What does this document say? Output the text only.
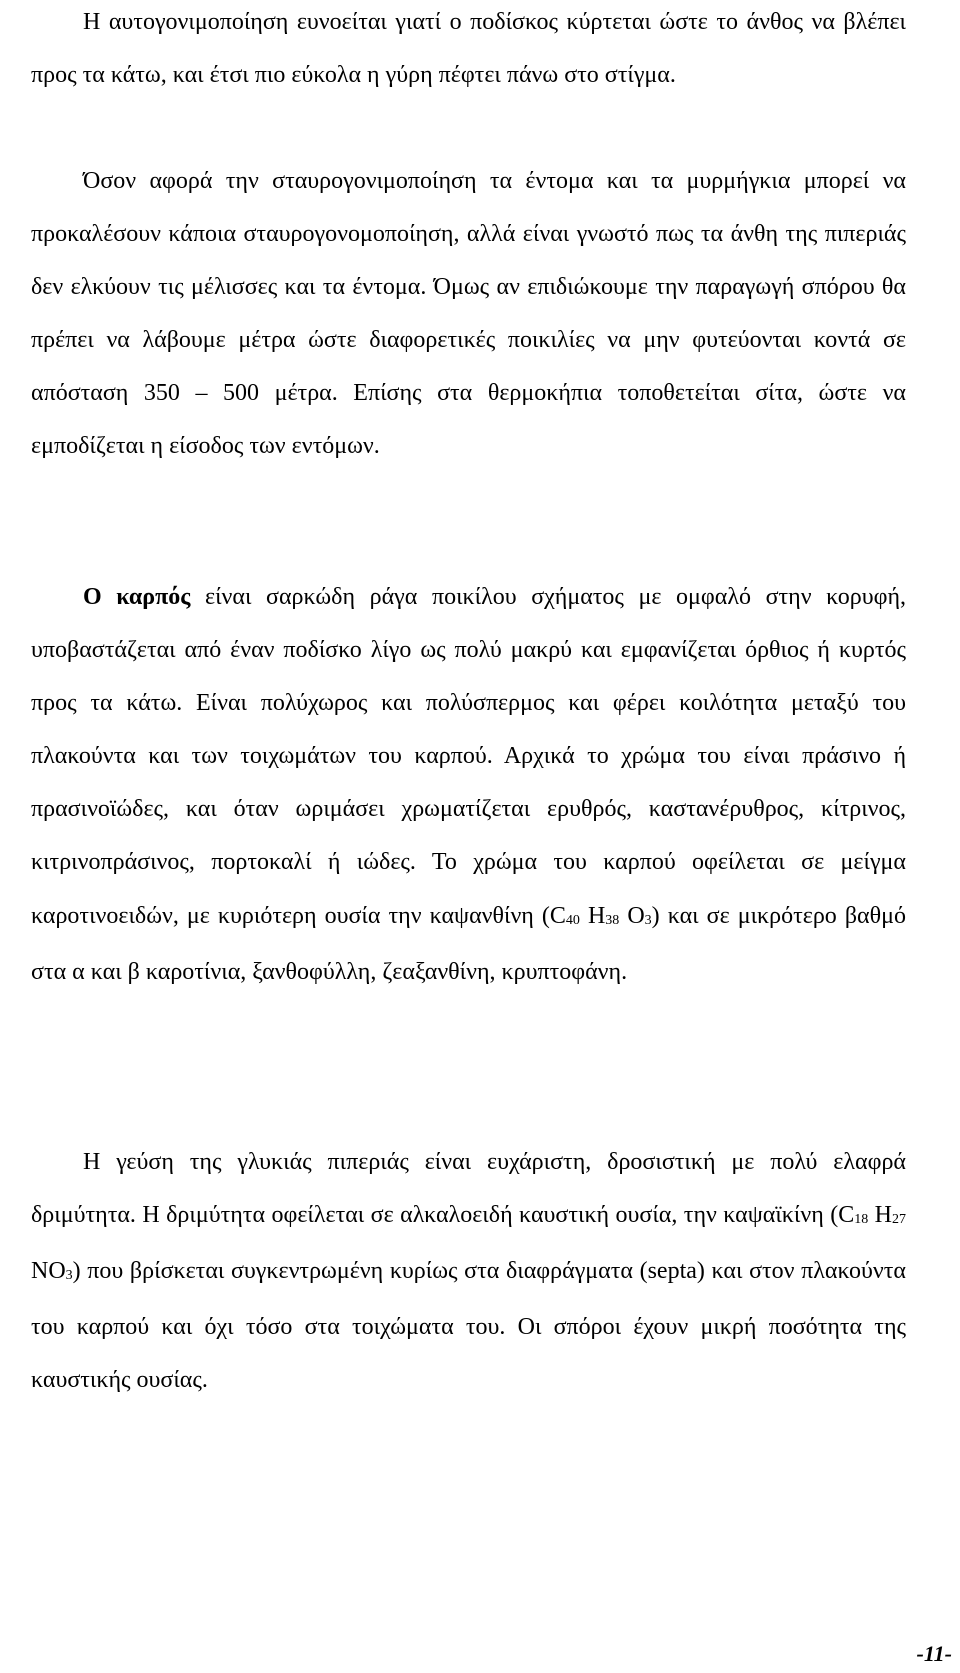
Η αυτογονιμοποίηση ευνοείται γιατί ο ποδίσκος κύρτεται ώστε το άνθος να βλέπει προς τα κάτω, και έτσι πιο εύκολα η γύρη πέφτει πάνω στο στίγμα.

Όσον αφορά την σταυρογονιμοποίηση τα έντομα και τα μυρμήγκια μπορεί να προκαλέσουν κάποια σταυρογονομοποίηση, αλλά είναι γνωστό πως τα άνθη της πιπεριάς δεν ελκύουν τις μέλισσες και τα έντομα. Όμως αν επιδιώκουμε την παραγωγή σπόρου θα πρέπει να λάβουμε μέτρα ώστε διαφορετικές ποικιλίες να μην φυτεύονται κοντά σε απόσταση 350 – 500 μέτρα. Επίσης στα θερμοκήπια τοποθετείται σίτα, ώστε να εμποδίζεται η είσοδος των εντόμων.

Ο καρπός είναι σαρκώδη ράγα ποικίλου σχήματος με ομφαλό στην κορυφή, υποβαστάζεται από έναν ποδίσκο λίγο ως πολύ μακρύ και εμφανίζεται όρθιος ή κυρτός προς τα κάτω. Είναι πολύχωρος και πολύσπερμος και φέρει κοιλότητα μεταξύ του πλακούντα και των τοιχωμάτων του καρπού. Αρχικά το χρώμα του είναι πράσινο ή πρασινοϊώδες, και όταν ωριμάσει χρωματίζεται ερυθρός, καστανέρυθρος, κίτρινος, κιτρινοπράσινος, πορτοκαλί ή ιώδες. Το χρώμα του καρπού οφείλεται σε μείγμα καροτινοειδών, με κυριότερη ουσία την καψανθίνη ($C_{40}$ $H_{38}$ $O_3$) και σε μικρότερο βαθμό στα α και β καροτίνια, ξανθοφύλλη, ζεαξανθίνη, κρυπτοφάνη.

Η γεύση της γλυκιάς πιπεριάς είναι ευχάριστη, δροσιστική με πολύ ελαφρά δριμύτητα. Η δριμύτητα οφείλεται σε αλκαλοειδή καυστική ουσία, την καψαϊκίνη ($C_{18}$ $H_{27}$ $NO_3$) που βρίσκεται συγκεντρωμένη κυρίως στα διαφράγματα (septa) και στον πλακούντα του καρπού και όχι τόσο στα τοιχώματα του. Οι σπόροι έχουν μικρή ποσότητα της καυστικής ουσίας.

-11-
